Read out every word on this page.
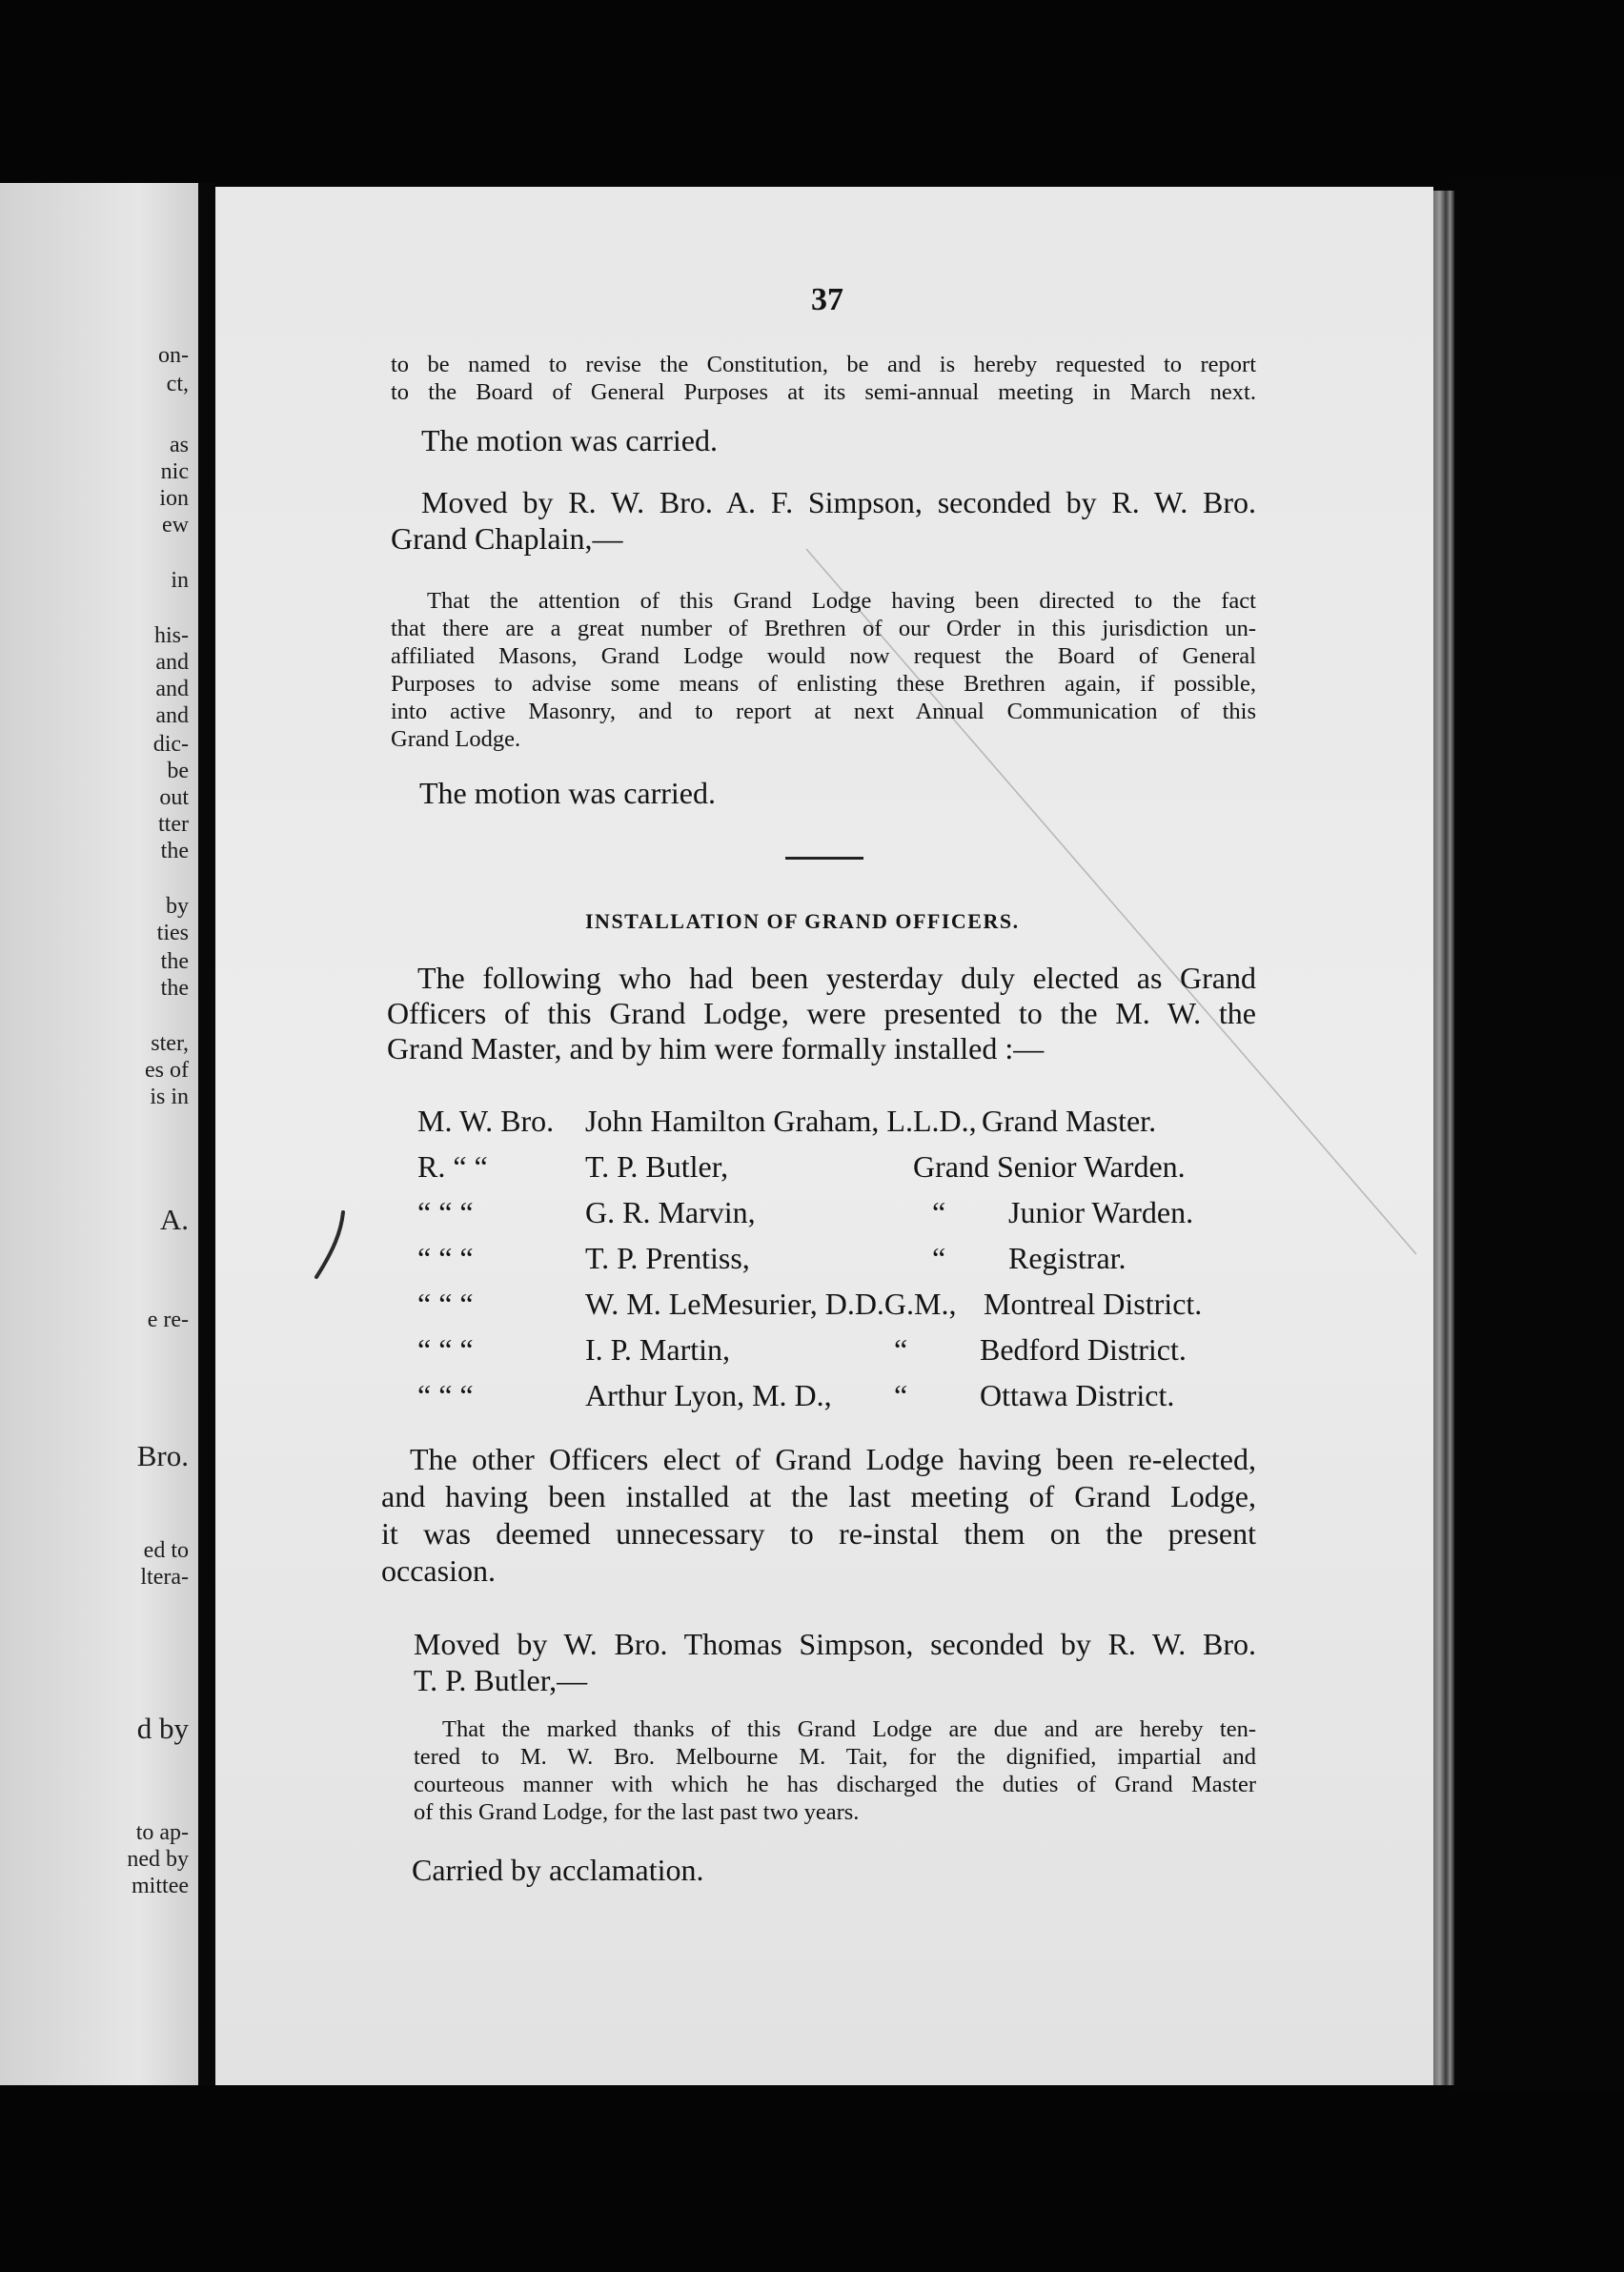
on-
ct,
as
nic
ion
ew
in
his-
and
and
and
dic-
be
out
tter
the
by
ties
the
the
ster,
es of
is in
A.
e re-
Bro.
ed to
ltera-
d by
to ap-
ned by
mittee
37
to be named to revise the Constitution, be and is hereby requested to report
to the Board of General Purposes at its semi-annual meeting in March next.
The motion was carried.
Moved by R. W. Bro. A. F. Simpson, seconded by R. W. Bro.
Grand Chaplain,—
That the attention of this Grand Lodge having been directed to the fact
that there are a great number of Brethren of our Order in this jurisdiction un-
affiliated Masons, Grand Lodge would now request the Board of General
Purposes to advise some means of enlisting these Brethren again, if possible,
into active Masonry, and to report at next Annual Communication of this
Grand Lodge.
The motion was carried.
INSTALLATION OF GRAND OFFICERS.
The following who had been yesterday duly elected as Grand
Officers of this Grand Lodge, were presented to the M. W. the
Grand Master, and by him were formally installed :—
M. W. Bro. John Hamilton Graham, L.L.D., Grand Master.
R. “ “	T. P. Butler,	Grand Senior Warden.
“ “ “	G. R. Marvin,	“ Junior Warden.
“ “ “	T. P. Prentiss,	“ Registrar.
“ “ “	W. M. LeMesurier, D.D.G.M., Montreal District.
“ “ “	I. P. Martin,	“ Bedford District.
“ “ “	Arthur Lyon, M. D., “ Ottawa District.
The other Officers elect of Grand Lodge having been re-elected,
and having been installed at the last meeting of Grand Lodge,
it was deemed unnecessary to re-instal them on the present
occasion.
Moved by W. Bro. Thomas Simpson, seconded by R. W. Bro.
T. P. Butler,—
That the marked thanks of this Grand Lodge are due and are hereby ten-
tered to M. W. Bro. Melbourne M. Tait, for the dignified, impartial and
courteous manner with which he has discharged the duties of Grand Master
of this Grand Lodge, for the last past two years.
Carried by acclamation.
